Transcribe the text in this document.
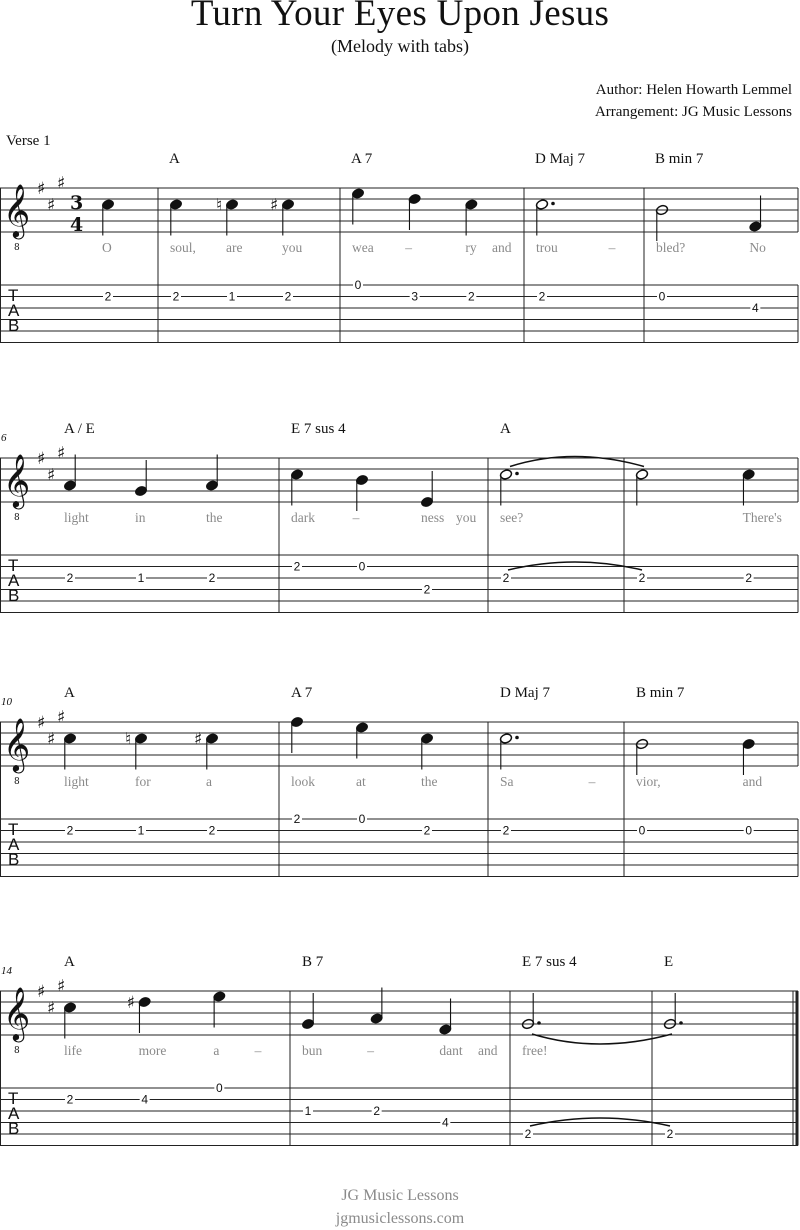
Turn Your Eyes Upon Jesus
(Melody with tabs)
Author: Helen Howarth Lemmel
Arrangement: JG Music Lessons
Verse 1
𝄞
8
♯
♯
♯
3
4
T
A
B
O
2
A
soul,
2
are
♮
1
you
♯
2
A 7
wea
0
–
3
ry
2
and
D Maj 7
trou
2
–
B min 7
bled?
0
No
4
𝄞
8
♯
♯
♯
6
T
A
B
A / E
light
2
in
1
the
2
E 7 sus 4
dark
2
–
0
ness
2
you
A
see?
2	2
There's
2
𝄞
8
♯
♯
♯
10
T
A
B
A
light
2
for
♮
1
a
♯
2
A 7
look
2
at
0
the
2
D Maj 7
Sa
2
–
B min 7
vior,
0
and
0
𝄞
8
♯
♯
♯
14
T
A
B
A
life
2
more
♯
4
a
0
–
B 7
bun
1
–
2
dant
4
and
E 7 sus 4
free!
2
E
2
JG Music Lessons
jgmusiclessons.com
